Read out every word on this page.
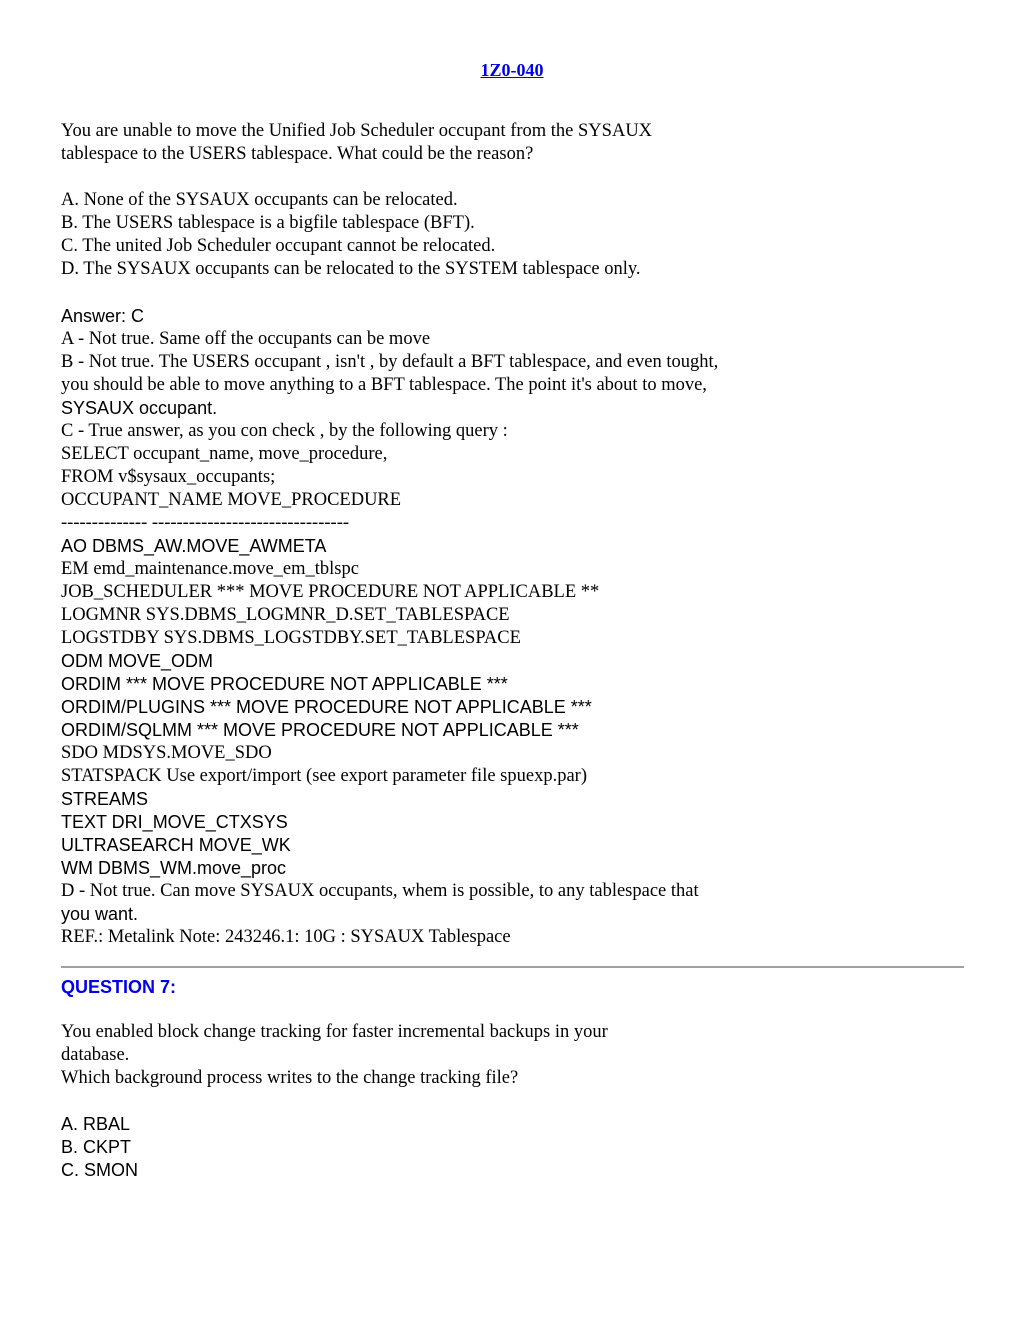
1Z0-040
You are unable to move the Unified Job Scheduler occupant from the SYSAUX
tablespace to the USERS tablespace. What could be the reason?
A. None of the SYSAUX occupants can be relocated.
B. The USERS tablespace is a bigfile tablespace (BFT).
C. The united Job Scheduler occupant cannot be relocated.
D. The SYSAUX occupants can be relocated to the SYSTEM tablespace only.
Answer: C
A - Not true. Same off the occupants can be move
B - Not true. The USERS occupant , isn't , by default a BFT tablespace, and even tought,
you should be able to move anything to a BFT tablespace. The point it's about to move,
SYSAUX occupant.
C - True answer, as you con check , by the following query :
SELECT occupant_name, move_procedure,
FROM v$sysaux_occupants;
OCCUPANT_NAME MOVE_PROCEDURE
-------------- --------------------------------
AO DBMS_AW.MOVE_AWMETA
EM emd_maintenance.move_em_tblspc
JOB_SCHEDULER *** MOVE PROCEDURE NOT APPLICABLE **
LOGMNR SYS.DBMS_LOGMNR_D.SET_TABLESPACE
LOGSTDBY SYS.DBMS_LOGSTDBY.SET_TABLESPACE
ODM MOVE_ODM
ORDIM *** MOVE PROCEDURE NOT APPLICABLE ***
ORDIM/PLUGINS *** MOVE PROCEDURE NOT APPLICABLE ***
ORDIM/SQLMM *** MOVE PROCEDURE NOT APPLICABLE ***
SDO MDSYS.MOVE_SDO
STATSPACK Use export/import (see export parameter file spuexp.par)
STREAMS
TEXT DRI_MOVE_CTXSYS
ULTRASEARCH MOVE_WK
WM DBMS_WM.move_proc
D - Not true. Can move SYSAUX occupants, whem is possible, to any tablespace that
you want.
REF.: Metalink Note: 243246.1: 10G : SYSAUX Tablespace
QUESTION 7:
You enabled block change tracking for faster incremental backups in your
database.
Which background process writes to the change tracking file?
A. RBAL
B. CKPT
C. SMON
